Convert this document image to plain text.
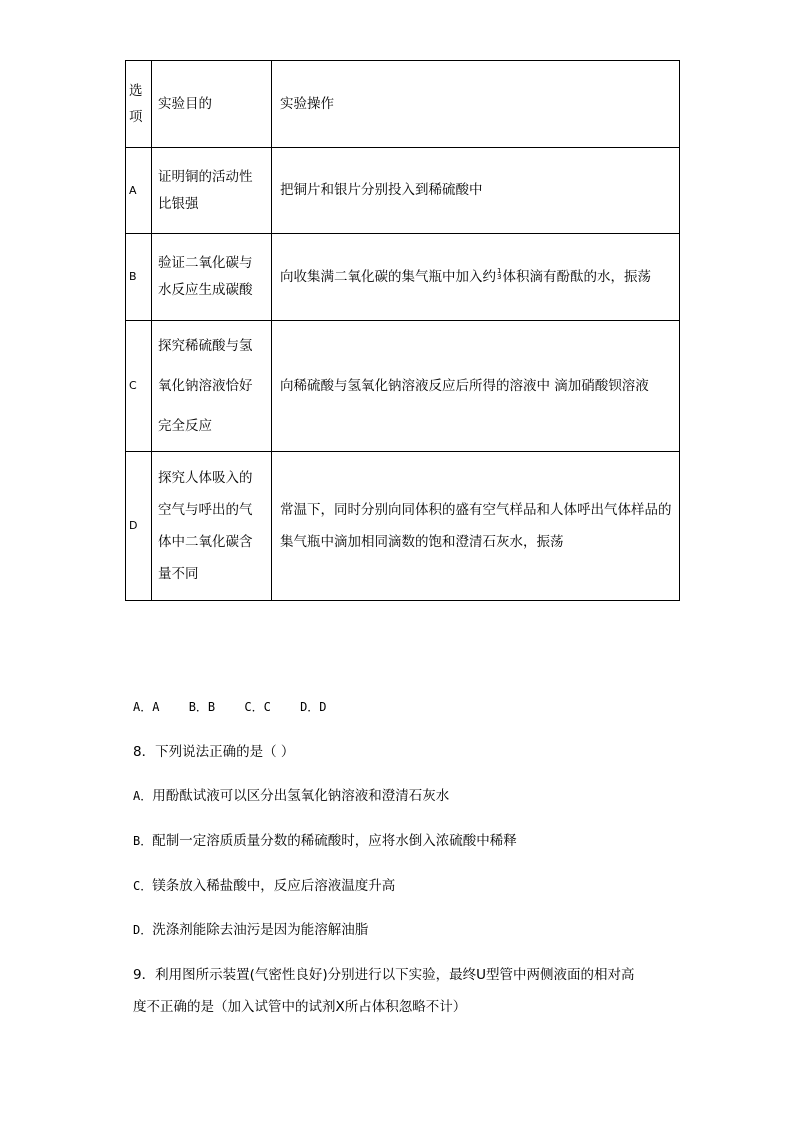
选项	实验目的	实验操作
A	证明铜的活动性比银强	把铜片和银片分别投入到稀硫酸中
B	验证二氧化碳与水反应生成碳酸	向收集满二氧化碳的集气瓶中加入约 1
3 体积滴有酚酞的水，振荡
C	探究稀硫酸与氢氧化钠溶液恰好完全反应	向稀硫酸与氢氧化钠溶液反应后所得的溶液中 滴加硝酸钡溶液
D	探究人体吸入的空气与呼出的气体中二氧化碳含量不同	常温下，同时分别向同体积的盛有空气样品和人体呼出气体样品的集气瓶中滴加相同滴数的饱和澄清石灰水，振荡
A．A B．B C．C D．D
8．下列说法正确的是（ ）
A．用酚酞试液可以区分出氢氧化钠溶液和澄清石灰水
B．配制一定溶质质量分数的稀硫酸时，应将水倒入浓硫酸中稀释
C．镁条放入稀盐酸中，反应后溶液温度升高
D．洗涤剂能除去油污是因为能溶解油脂
9．利用图所示装置(气密性良好)分别进行以下实验，最终U型管中两侧液面的相对高
度不正确的是（加入试管中的试剂X所占体积忽略不计）
